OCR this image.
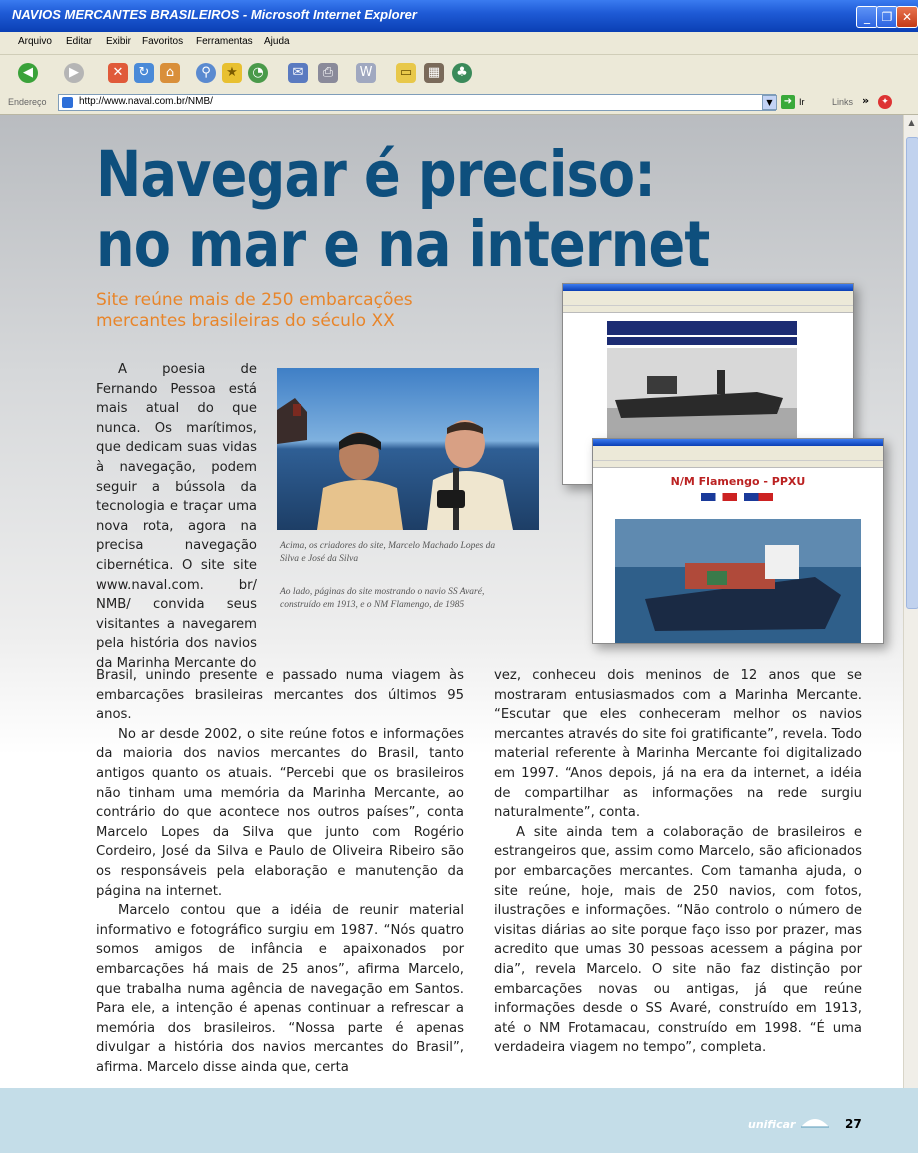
NAVIOS MERCANTES BRASILEIROS - Microsoft Internet Explorer	_ ❐ ✕
Arquivo Editar Exibir Favoritos Ferramentas Ajuda
◀	▶	✕	↻	⌂	⚲	★	◔	✉	⎙	W ▭ ▦	♣
Endereço	http://www.naval.com.br/NMB/	▼	➜ Ir	Links »	✦
▲
Navegar é preciso:
no mar e na internet
Site reúne mais de 250 embarcações mercantes brasileiras do século XX

A poesia de Fernando Pessoa está mais atual do que nunca. Os marítimos, que dedicam suas vidas à navegação, podem seguir a bússola da tecnologia e traçar uma nova rota, agora na precisa navegação cibernética. O site site www.naval.com. br/ NMB/ convida seus visitantes a navegarem pela história dos navios da Marinha Mercante do

Acima, os criadores do site, Marcelo Machado Lopes da Silva e José da Silva
Ao lado, páginas do site mostrando o navio SS Avaré, construído em 1913, e o NM Flamengo, de 1985
N/M Flamengo - PPXU

Brasil, unindo presente e passado numa viagem às embarcações brasileiras mercantes dos últimos 95 anos.

No ar desde 2002, o site reúne fotos e informações da maioria dos navios mercantes do Brasil, tanto antigos quanto os atuais. “Percebi que os brasileiros não tinham uma memória da Marinha Mercante, ao contrário do que acontece nos outros países”, conta Marcelo Lopes da Silva que junto com Rogério Cordeiro, José da Silva e Paulo de Oliveira Ribeiro são os responsáveis pela elaboração e manutenção da página na internet.

Marcelo contou que a idéia de reunir material informativo e fotográfico surgiu em 1987. “Nós quatro somos amigos de infância e apaixonados por embarcações há mais de 25 anos”, afirma Marcelo, que trabalha numa agência de navegação em Santos. Para ele, a intenção é apenas continuar a refrescar a memória dos brasileiros. “Nossa parte é apenas divulgar a história dos navios mercantes do Brasil”, afirma. Marcelo disse ainda que, certa

vez, conheceu dois meninos de 12 anos que se mostraram entusiasmados com a Marinha Mercante. “Escutar que eles conheceram melhor os navios mercantes através do site foi gratificante”, revela. Todo material referente à Marinha Mercante foi digitalizado em 1997. “Anos depois, já na era da internet, a idéia de compartilhar as informações na rede surgiu naturalmente”, conta.

A site ainda tem a colaboração de brasileiros e estrangeiros que, assim como Marcelo, são aficionados por embarcações mercantes. Com tamanha ajuda, o site reúne, hoje, mais de 250 navios, com fotos, ilustrações e informações. “Não controlo o número de visitas diárias ao site porque faço isso por prazer, mas acredito que umas 30 pessoas acessem a página por dia”, revela Marcelo. O site não faz distinção por embarcações novas ou antigas, já que reúne informações desde o SS Avaré, construído em 1913, até o NM Frotamacau, construído em 1998. “É uma verdadeira viagem no tempo”, completa.

unificar	27
